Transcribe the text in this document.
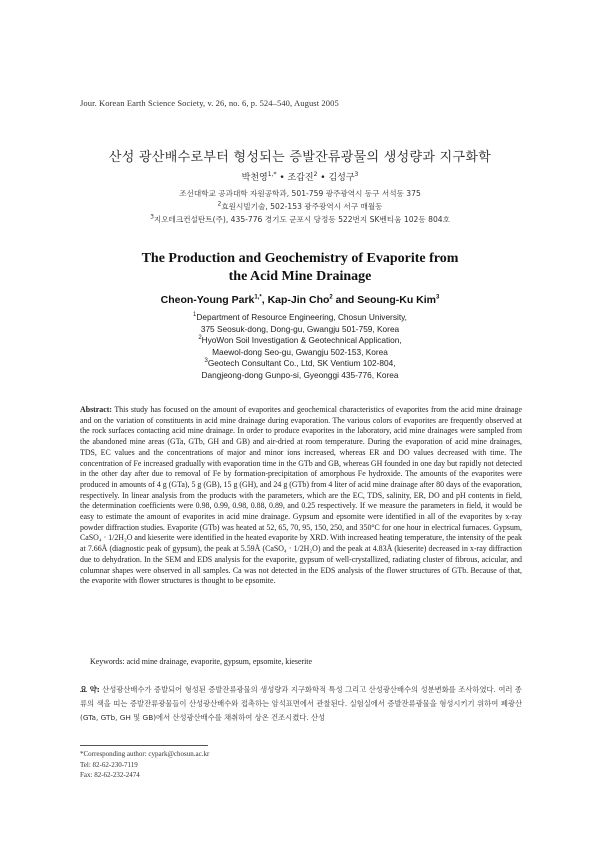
Jour. Korean Earth Science Society, v. 26, no. 6, p. 524–540, August 2005
산성 광산배수로부터 형성되는 증발잔류광물의 생성량과 지구화학
박천영$^{1,*}$ • 조갑진$^2$ • 김성구$^3$
조선대학교 공과대학 자원공학과, 501-759 광주광역시 동구 서석동 375
$^2$효원시빌기술, 502-153 광주광역시 서구 매월동
$^3$지오테크컨설탄트(주), 435-776 경기도 군포시 당정동 522번지 SK벤티움 102동 804호
The Production and Geochemistry of Evaporite from
the Acid Mine Drainage
Cheon-Young Park$^{1,*}$, Kap-Jin Cho$^2$ and Seoung-Ku Kim$^3$
$^1$Department of Resource Engineering, Chosun University,
375 Seosuk-dong, Dong-gu, Gwangju 501-759, Korea
$^2$HyoWon Soil Investigation & Geotechnical Application,
Maewol-dong Seo-gu, Gwangju 502-153, Korea
$^3$Geotech Consultant Co., Ltd, SK Ventium 102-804,
Dangjeong-dong Gunpo-si, Gyeonggi 435-776, Korea
Abstract: This study has focused on the amount of evaporites and geochemical characteristics of evaporites from the acid mine drainage and on the variation of constituents in acid mine drainage during evaporation. The various colors of evaporites are frequently observed at the rock surfaces contacting acid mine drainage. In order to produce evaporites in the laboratory, acid mine drainages were sampled from the abandoned mine areas (GTa, GTb, GH and GB) and air-dried at room temperature. During the evaporation of acid mine drainages, TDS, EC values and the concentrations of major and minor ions increased, whereas ER and DO values decreased with time. The concentration of Fe increased gradually with evaporation time in the GTb and GB, whereas GH founded in one day but rapidly not detected in the other day after due to removal of Fe by formation-precipitation of amorphous Fe hydroxide. The amounts of the evaporites were produced in amounts of 4 g (GTa), 5 g (GB), 15 g (GH), and 24 g (GTb) from 4 liter of acid mine drainage after 80 days of the evaporation, respectively. In linear analysis from the products with the parameters, which are the EC, TDS, salinity, ER, DO and pH contents in field, the determination coefficients were 0.98, 0.99, 0.98, 0.88, 0.89, and 0.25 respectively. If we measure the parameters in field, it would be easy to estimate the amount of evaporites in acid mine drainage. Gypsum and epsomite were identified in all of the evaporites by x-ray powder diffraction studies. Evaporite (GTb) was heated at 52, 65, 70, 95, 150, 250, and 350°C for one hour in electrical furnaces. Gypsum, CaSO₄ · 1/2H₂O and kieserite were identified in the heated evaporite by XRD. With increased heating temperature, the intensity of the peak at 7.66Å (diagnostic peak of gypsum), the peak at 5.59Å (CaSO₄ · 1/2H₂O) and the peak at 4.83Å (kieserite) decreased in x-ray diffraction due to dehydration. In the SEM and EDS analysis for the evaporite, gypsum of well-crystallized, radiating cluster of fibrous, acicular, and columnar shapes were observed in all samples. Ca was not detected in the EDS analysis of the flower structures of GTb. Because of that, the evaporite with flower structures is thought to be epsomite.
Keywords: acid mine drainage, evaporite, gypsum, epsomite, kieserite
요 약: 산성광산배수가 증발되어 형성된 증발잔류광물의 생성량과 지구화학적 특성 그리고 산성광산배수의 성분변화를 조사하였다. 여러 종류의 색을 띠는 증발잔류광물들이 산성광산배수와 접촉하는 암석표면에서 관찰된다. 실험실에서 증발잔류광물을 형성시키기 위하여 폐광산(GTa, GTb, GH 및 GB)에서 산성광산배수를 채취하여 상온 건조시켰다. 산성
*Corresponding author: cypark@chosun.ac.kr
Tel: 82-62-230-7119
Fax: 82-62-232-2474
